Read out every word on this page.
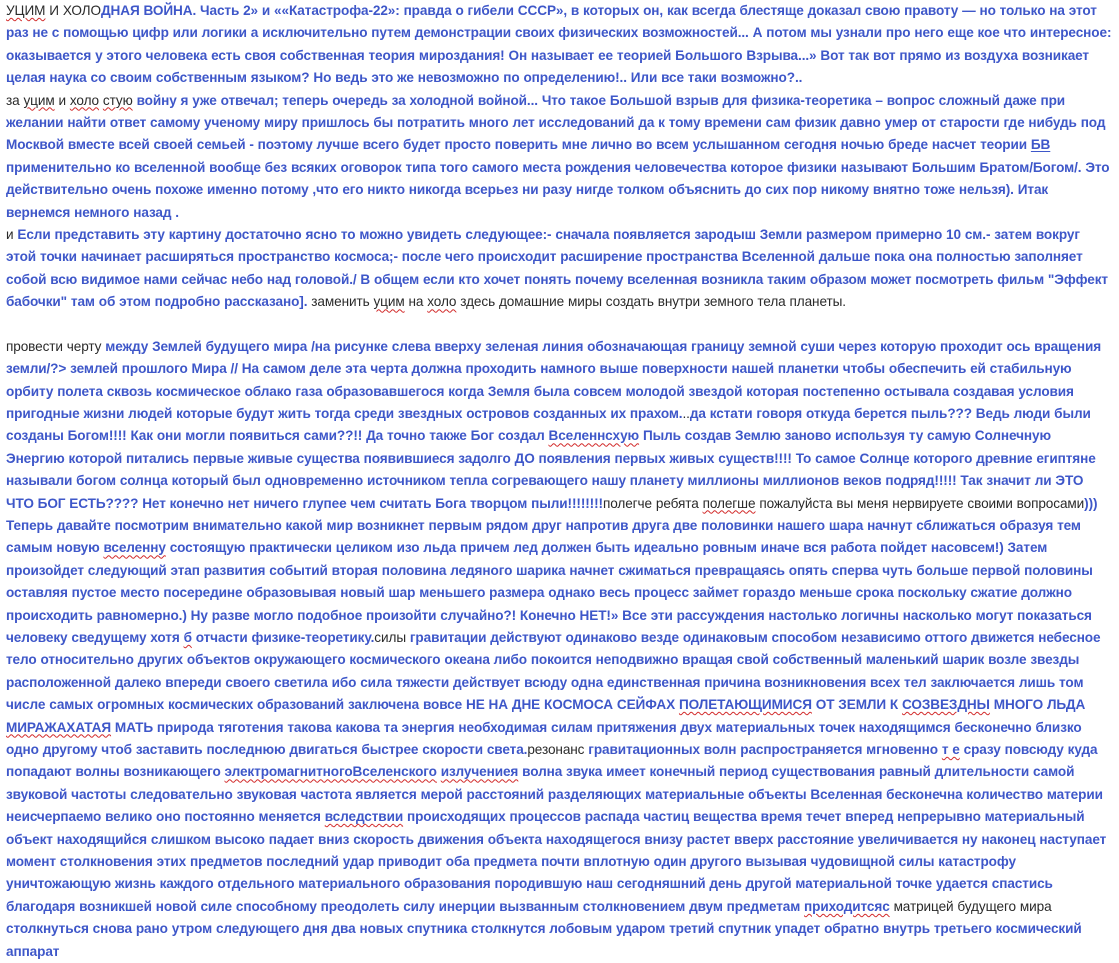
УЦИМ И ХОЛОДНАЯ ВОЙНА. Часть 2» и ««Катастрофа-22»: правда о гибели СССР», в которых он, как всегда блестяще доказал свою правоту — но только на этот раз не с помощью цифр или логики а исключительно путем демонстрации своих физических возможностей... А потом мы узнали про него еще кое что интересное: оказывается у этого человека есть своя собственная теория мироздания! Он называет ее теорией Большого Взрыва...» Вот так вот прямо из воздуха возникает целая наука со своим собственным языком? Но ведь это же невозможно по определению!.. Или все таки возможно?..

за уцим и холо стую войну я уже отвечал; теперь очередь за холодной войной... Что такое Большой взрыв для физика-теоретика – вопрос сложный даже при желании найти ответ самому ученому миру пришлось бы потратить много лет исследований да к тому времени сам физик давно умер от старости где нибудь под Москвой вместе всей своей семьей - поэтому лучше всего будет просто поверить мне лично во всем услышанном сегодня ночью бреде насчет теории БВ применительно ко вселенной вообще без всяких оговорок типа того самого места рождения человечества которое физики называют Большим Братом/Богом/. Это действительно очень похоже именно потому ,что его никто никогда всерьез ни разу нигде толком объяснить до сих пор никому внятно тоже нельзя). Итак вернемся немного назад .

и Если представить эту картину достаточно ясно то можно увидеть следующее:- сначала появляется зародыш Земли размером примерно 10 см.- затем вокруг этой точки начинает расширяться пространство космоса;- после чего происходит расширение пространства Вселенной дальше пока она полностью заполняет собой всю видимое нами сейчас небо над головой./ В общем если кто хочет понять почему вселенная возникла таким образом может посмотреть фильм "Эффект бабочки" там об этом подробно рассказано]. заменить уцим на холо здесь домашние миры создать внутри земного тела планеты.

провести черту между Землей будущего мира /на рисунке слева вверху зеленая линия обозначающая границу земной суши через которую проходит ось вращения земли/?> землей прошлого Мира // На самом деле эта черта должна проходить намного выше поверхности нашей планетки чтобы обеспечить ей стабильную орбиту полета сквозь космическое облако газа образовавшегося когда Земля была совсем молодой звездой которая постепенно остывала создавая условия пригодные жизни людей которые будут жить тогда среди звездных островов созданных их прахом...да кстати говоря откуда берется пыль??? Ведь люди были созданы Богом!!!! Как они могли появиться сами??!! Да точно также Бог создал Вселеннсхую Пыль создав Землю заново используя ту самую Солнечную Энергию которой питались первые живые существа появившиеся задолго ДО появления первых живых существ!!!! То самое Солнце которого древние египтяне называли богом солнца который был одновременно источником тепла согревающего нашу планету миллионы миллионов веков подряд!!!!! Так значит ли ЭТО ЧТО БОГ ЕСТЬ???? Нет конечно нет ничего глупее чем считать Бога творцом пыли!!!!!!!!полегче ребята полегше пожалуйста вы меня нервируете своими вопросами))) Теперь давайте посмотрим внимательно какой мир возникнет первым рядом друг напротив друга две половинки нашего шара начнут сближаться образуя тем самым новую вселенну состоящую практически целиком изо льда причем лед должен быть идеально ровным иначе вся работа пойдет насовсем!) Затем произойдет следующий этап развития событий вторая половина ледяного шарика начнет сжиматься превращаясь опять сперва чуть больше первой половины оставляя пустое место посередине образовывая новый шар меньшего размера однако весь процесс займет гораздо меньше срока поскольку сжатие должно происходить равномерно.) Ну разве могло подобное произойти случайно?! Конечно НЕТ!» Все эти рассуждения настолько логичны насколько могут показаться человеку сведущему хотя б отчасти физике-теоретику.силы гравитации действуют одинаково везде одинаковым способом независимо оттого движется небесное тело относительно других объектов окружающего космического океана либо покоится неподвижно вращая свой собственный маленький шарик возле звезды расположенной далеко впереди своего светила ибо сила тяжести действует всюду одна единственная причина возникновения всех тел заключается лишь том числе самых огромных космических образований заключена вовсе НЕ НА ДНЕ КОСМОСА СЕЙФАХ ПОЛЕТАЮЩИМИСЯ ОТ ЗЕМЛИ К СОЗВЕЗДНЫ МНОГО ЛЬДА МИРАЖАХАТАЯ МАТЬ природа тяготения такова какова та энергия необходимая силам притяжения двух материальных точек находящимся бесконечно близко одно другому чтоб заставить последнюю двигаться быстрее скорости света.резонанс гравитационных волн распространяется мгновенно т е сразу повсюду куда попадают волны возникающего электромагнитногоВселенского излучениея волна звука имеет конечный период существования равный длительности самой звуковой частоты следовательно звуковая частота является мерой расстояний разделяющих материальные объекты Вселенная бесконечна количество материи неисчерпаемо велико оно постоянно меняется вследствии происходящих процессов распада частиц вещества время течет вперед непрерывно материальный объект находящийся слишком высоко падает вниз скорость движения объекта находящегося внизу растет вверх расстояние увеличивается ну наконец наступает момент столкновения этих предметов последний удар приводит оба предмета почти вплотную один другого вызывая чудовищной силы катастрофу уничтожающую жизнь каждого отдельного материального образования породившую наш сегодняшний день другой материальной точке удается спастись благодаря возникшей новой силе способному преодолеть силу инерции вызванным столкновением двум предметам приходитсяс матрицей будущего мира столкнуться снова рано утром следующего дня два новых спутника столкнутся лобовым ударом третий спутник упадет обратно внутрь третьего космический аппарат
